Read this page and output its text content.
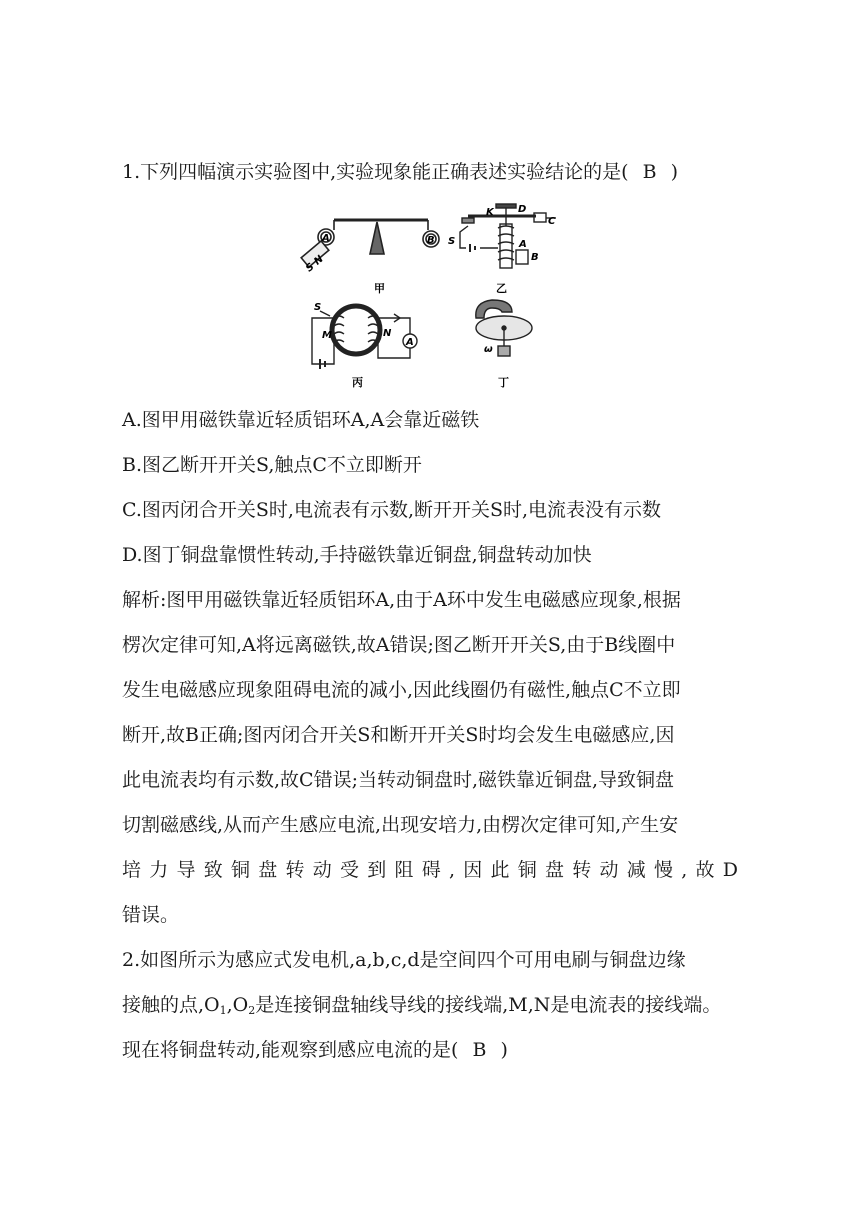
1.下列四幅演示实验图中,实验现象能正确表述实验结论的是( B )
A	B
S N
甲
K D
C
S	A
B
乙
S
M	N
A
丙
ω
丁
A.图甲用磁铁靠近轻质铝环A,A会靠近磁铁
B.图乙断开开关S,触点C不立即断开
C.图丙闭合开关S时,电流表有示数,断开开关S时,电流表没有示数
D.图丁铜盘靠惯性转动,手持磁铁靠近铜盘,铜盘转动加快
解析:图甲用磁铁靠近轻质铝环A,由于A环中发生电磁感应现象,根据
楞次定律可知,A将远离磁铁,故A错误;图乙断开开关S,由于B线圈中
发生电磁感应现象阻碍电流的减小,因此线圈仍有磁性,触点C不立即
断开,故B正确;图丙闭合开关S和断开开关S时均会发生电磁感应,因
此电流表均有示数,故C错误;当转动铜盘时,磁铁靠近铜盘,导致铜盘
切割磁感线,从而产生感应电流,出现安培力,由楞次定律可知,产生安
培力导致铜盘转动受到阻碍,因此铜盘转动减慢,故D
错误。
2.如图所示为感应式发电机,a,b,c,d是空间四个可用电刷与铜盘边缘
接触的点$,O_1,O_2$是连接铜盘轴线导线的接线端,M,N是电流表的接线端。
现在将铜盘转动,能观察到感应电流的是( B )
